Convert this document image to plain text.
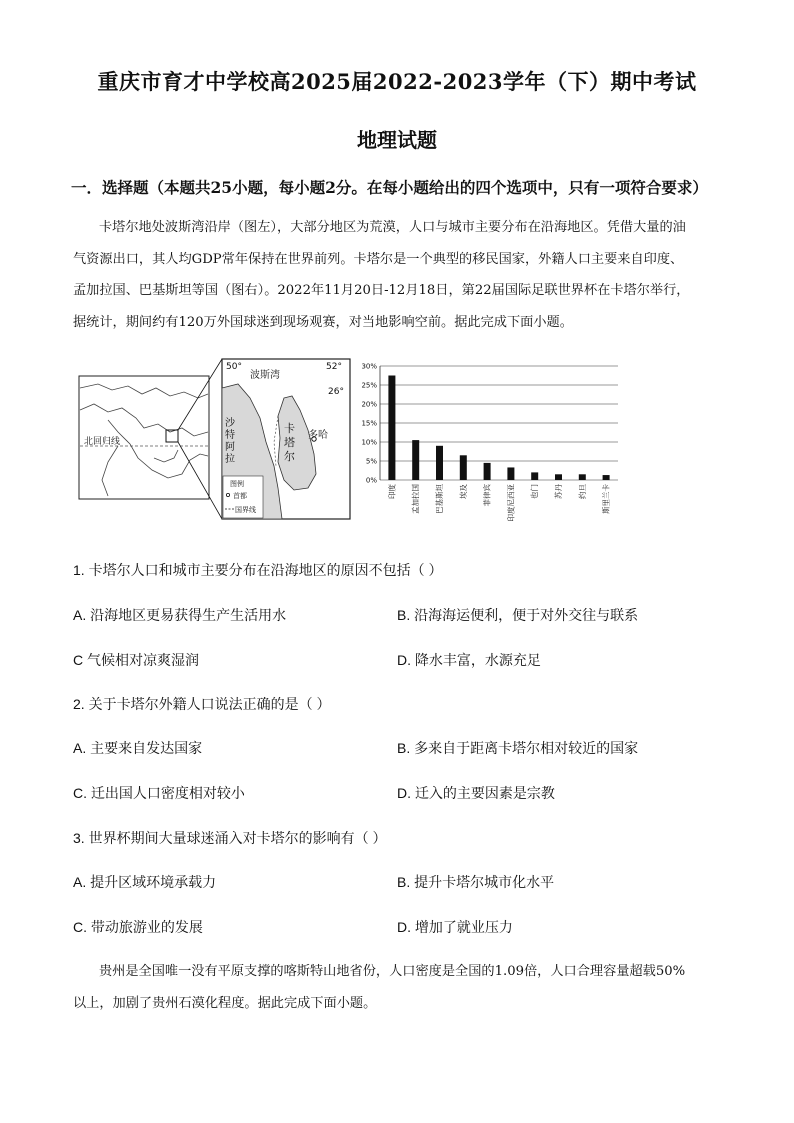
重庆市育才中学校高2025届2022-2023学年（下）期中考试
地理试题
一．选择题（本题共25小题，每小题2分。在每小题给出的四个选项中，只有一项符合要求）
卡塔尔地处波斯湾沿岸（图左），大部分地区为荒漠，人口与城市主要分布在沿海地区。凭借大量的油
气资源出口，其人均GDP常年保持在世界前列。卡塔尔是一个典型的移民国家，外籍人口主要来自印度、
孟加拉国、巴基斯坦等国（图右）。2022年11月20日-12月18日，第22届国际足联世界杯在卡塔尔举行，
据统计，期间约有120万外国球迷到现场观赛，对当地影响空前。据此完成下面小题。
北回归线
50°	52°
26°
波斯湾
沙 特 阿 拉
卡 塔 尔
多哈
图例
首都
国界线
0%
5%
10%
15%
20%
25%
30%
印度 孟加拉国 巴基斯坦 埃及 菲律宾 印度尼西亚 也门 苏丹 约旦 斯里兰卡
1. 卡塔尔人口和城市主要分布在沿海地区的原因不包括（ ）
A. 沿海地区更易获得生产生活用水	B. 沿海海运便利，便于对外交往与联系
C 气候相对凉爽湿润	D. 降水丰富，水源充足
2. 关于卡塔尔外籍人口说法正确的是（ ）
A. 主要来自发达国家	B. 多来自于距离卡塔尔相对较近的国家
C. 迁出国人口密度相对较小	D. 迁入的主要因素是宗教
3. 世界杯期间大量球迷涌入对卡塔尔的影响有（ ）
A. 提升区域环境承载力	B. 提升卡塔尔城市化水平
C. 带动旅游业的发展	D. 增加了就业压力
贵州是全国唯一没有平原支撑的喀斯特山地省份，人口密度是全国的1.09倍，人口合理容量超载50%
以上，加剧了贵州石漠化程度。据此完成下面小题。
